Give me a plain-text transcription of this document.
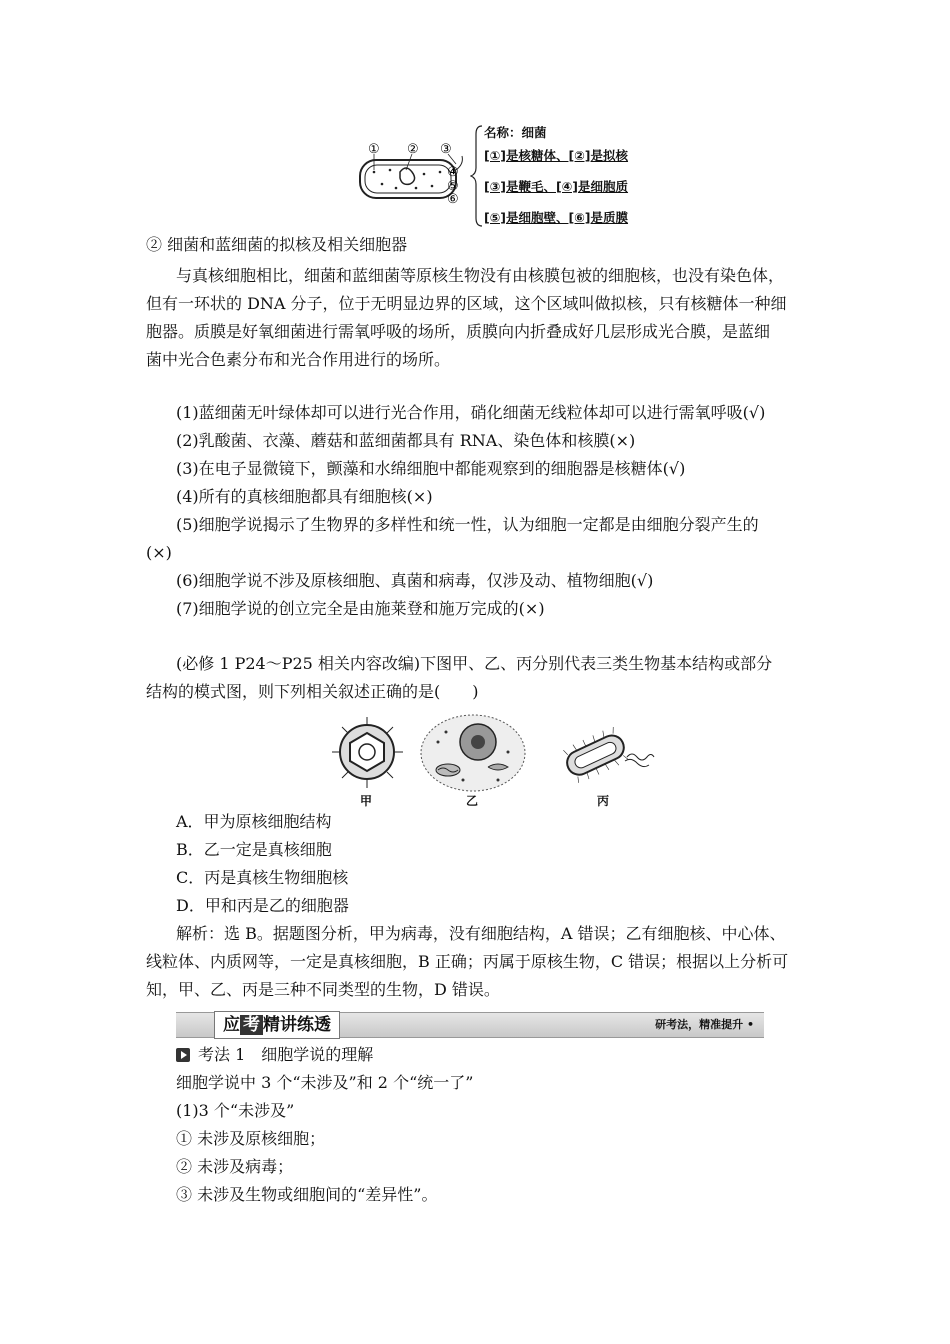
① ② ③
④
⑤
⑥
名称：细菌
[①]是核糖体、[②]是拟核
[③]是鞭毛、[④]是细胞质
[⑤]是细胞壁、[⑥]是质膜
② 细菌和蓝细菌的拟核及相关细胞器
与真核细胞相比，细菌和蓝细菌等原核生物没有由核膜包被的细胞核，也没有染色体，
但有一环状的 DNA 分子，位于无明显边界的区域，这个区域叫做拟核，只有核糖体一种细
胞器。质膜是好氧细菌进行需氧呼吸的场所，质膜向内折叠成好几层形成光合膜，是蓝细
菌中光合色素分布和光合作用进行的场所。
(1)蓝细菌无叶绿体却可以进行光合作用，硝化细菌无线粒体却可以进行需氧呼吸(√)
(2)乳酸菌、衣藻、蘑菇和蓝细菌都具有 RNA、染色体和核膜(×)
(3)在电子显微镜下，颤藻和水绵细胞中都能观察到的细胞器是核糖体(√)
(4)所有的真核细胞都具有细胞核(×)
(5)细胞学说揭示了生物界的多样性和统一性，认为细胞一定都是由细胞分裂产生的
(×)
(6)细胞学说不涉及原核细胞、真菌和病毒，仅涉及动、植物细胞(√)
(7)细胞学说的创立完全是由施莱登和施万完成的(×)
(必修 1 P24～P25 相关内容改编)下图甲、乙、丙分别代表三类生物基本结构或部分
结构的模式图，则下列相关叙述正确的是(　　)
甲	乙	丙
A．甲为原核细胞结构
B．乙一定是真核细胞
C．丙是真核生物细胞核
D．甲和丙是乙的细胞器
解析：选 B。据题图分析，甲为病毒，没有细胞结构，A 错误；乙有细胞核、中心体、
线粒体、内质网等，一定是真核细胞，B 正确；丙属于原核生物，C 错误；根据以上分析可
知，甲、乙、丙是三种不同类型的生物，D 错误。
应 考 精讲练透	研考法，精准提升 •
考法 1　细胞学说的理解
细胞学说中 3 个“未涉及”和 2 个“统一了”
(1)3 个“未涉及”
① 未涉及原核细胞；
② 未涉及病毒；
③ 未涉及生物或细胞间的“差异性”。
